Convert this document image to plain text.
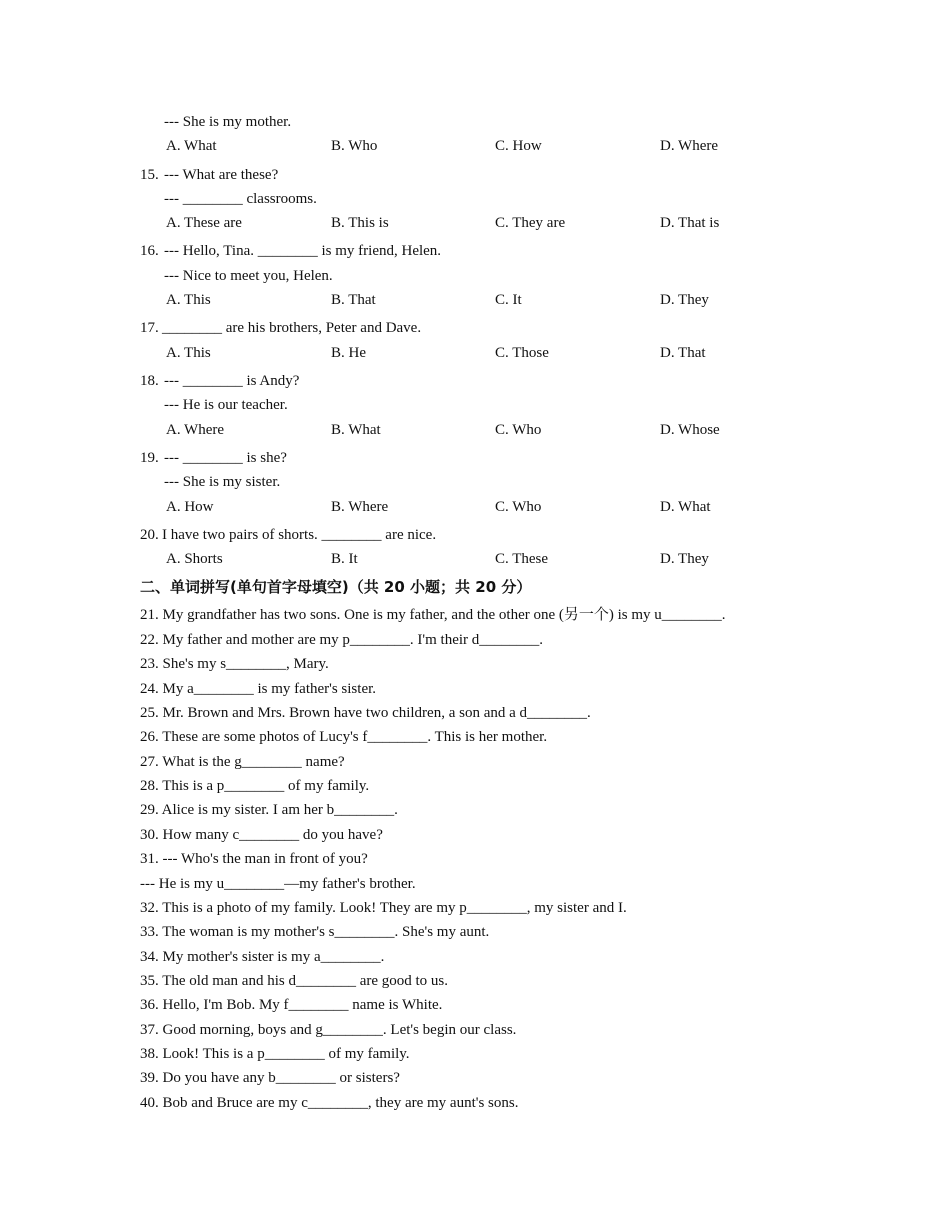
--- She is my mother.
A. What	B. Who	C. How	D. Where
15. --- What are these?
--- ________ classrooms.
A. These are	B. This is	C. They are	D. That is
16. --- Hello, Tina. ________ is my friend, Helen.
--- Nice to meet you, Helen.
A. This	B. That	C. It	D. They
17. ________ are his brothers, Peter and Dave.
A. This	B. He	C. Those	D. That
18. --- ________ is Andy?
--- He is our teacher.
A. Where	B. What	C. Who	D. Whose
19. --- ________ is she?
--- She is my sister.
A. How	B. Where	C. Who	D. What
20. I have two pairs of shorts. ________ are nice.
A. Shorts	B. It	C. These	D. They
二、单词拼写(单句首字母填空)（共 20 小题；共 20 分）
21. My grandfather has two sons. One is my father, and the other one (另一个) is my u________.
22. My father and mother are my p________. I'm their d________.
23. She's my s________, Mary.
24. My a________ is my father's sister.
25. Mr. Brown and Mrs. Brown have two children, a son and a d________.
26. These are some photos of Lucy's f________. This is her mother.
27. What is the g________ name?
28. This is a p________ of my family.
29. Alice is my sister. I am her b________.
30. How many c________ do you have?
31. --- Who's the man in front of you?
--- He is my u________—my father's brother.
32. This is a photo of my family. Look! They are my p________, my sister and I.
33. The woman is my mother's s________. She's my aunt.
34. My mother's sister is my a________.
35. The old man and his d________ are good to us.
36. Hello, I'm Bob. My f________ name is White.
37. Good morning, boys and g________. Let's begin our class.
38. Look! This is a p________ of my family.
39. Do you have any b________ or sisters?
40. Bob and Bruce are my c________, they are my aunt's sons.
